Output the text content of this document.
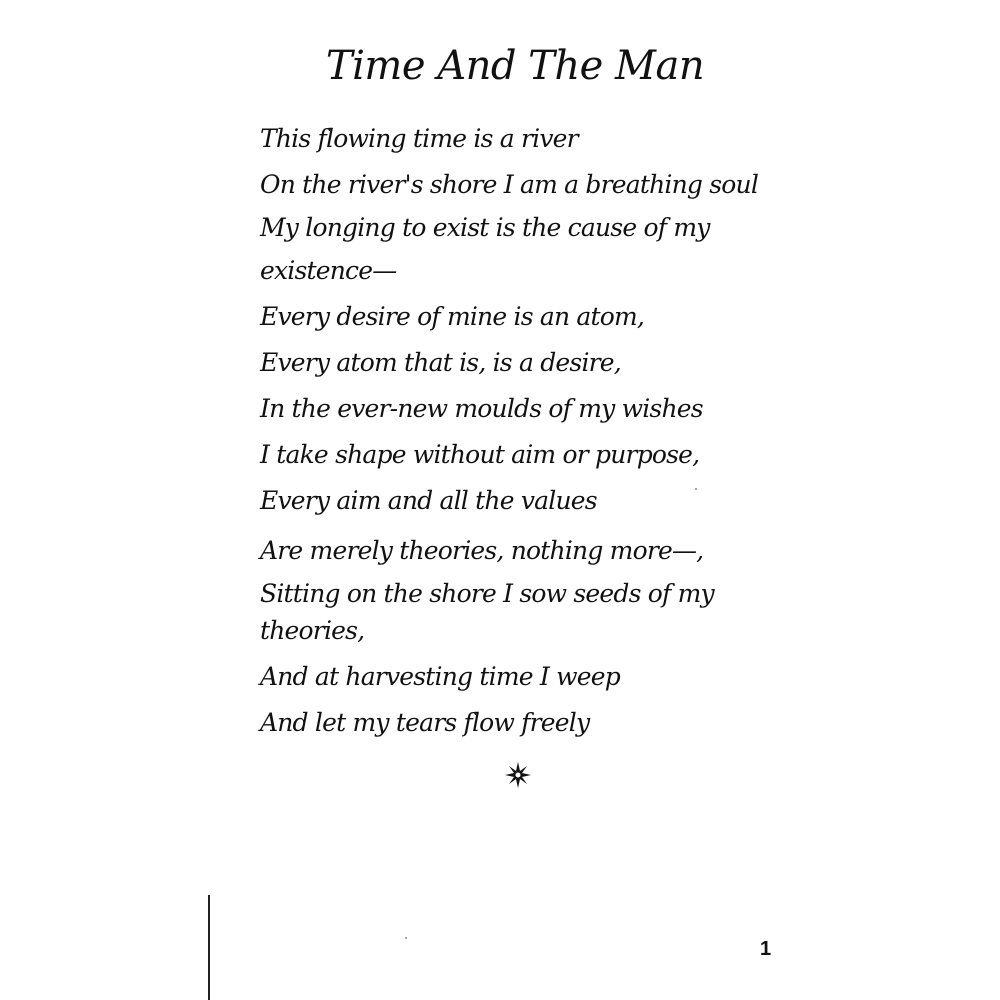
Time And The Man
This flowing time is a river
On the river's shore I am a breathing soul
My longing to exist is the cause of my
existence—
Every desire of mine is an atom,
Every atom that is, is a desire,
In the ever-new moulds of my wishes
I take shape without aim or purpose,
Every aim and all the values
Are merely theories, nothing more—,
Sitting on the shore I sow seeds of my
theories,
And at harvesting time I weep
And let my tears flow freely
1
